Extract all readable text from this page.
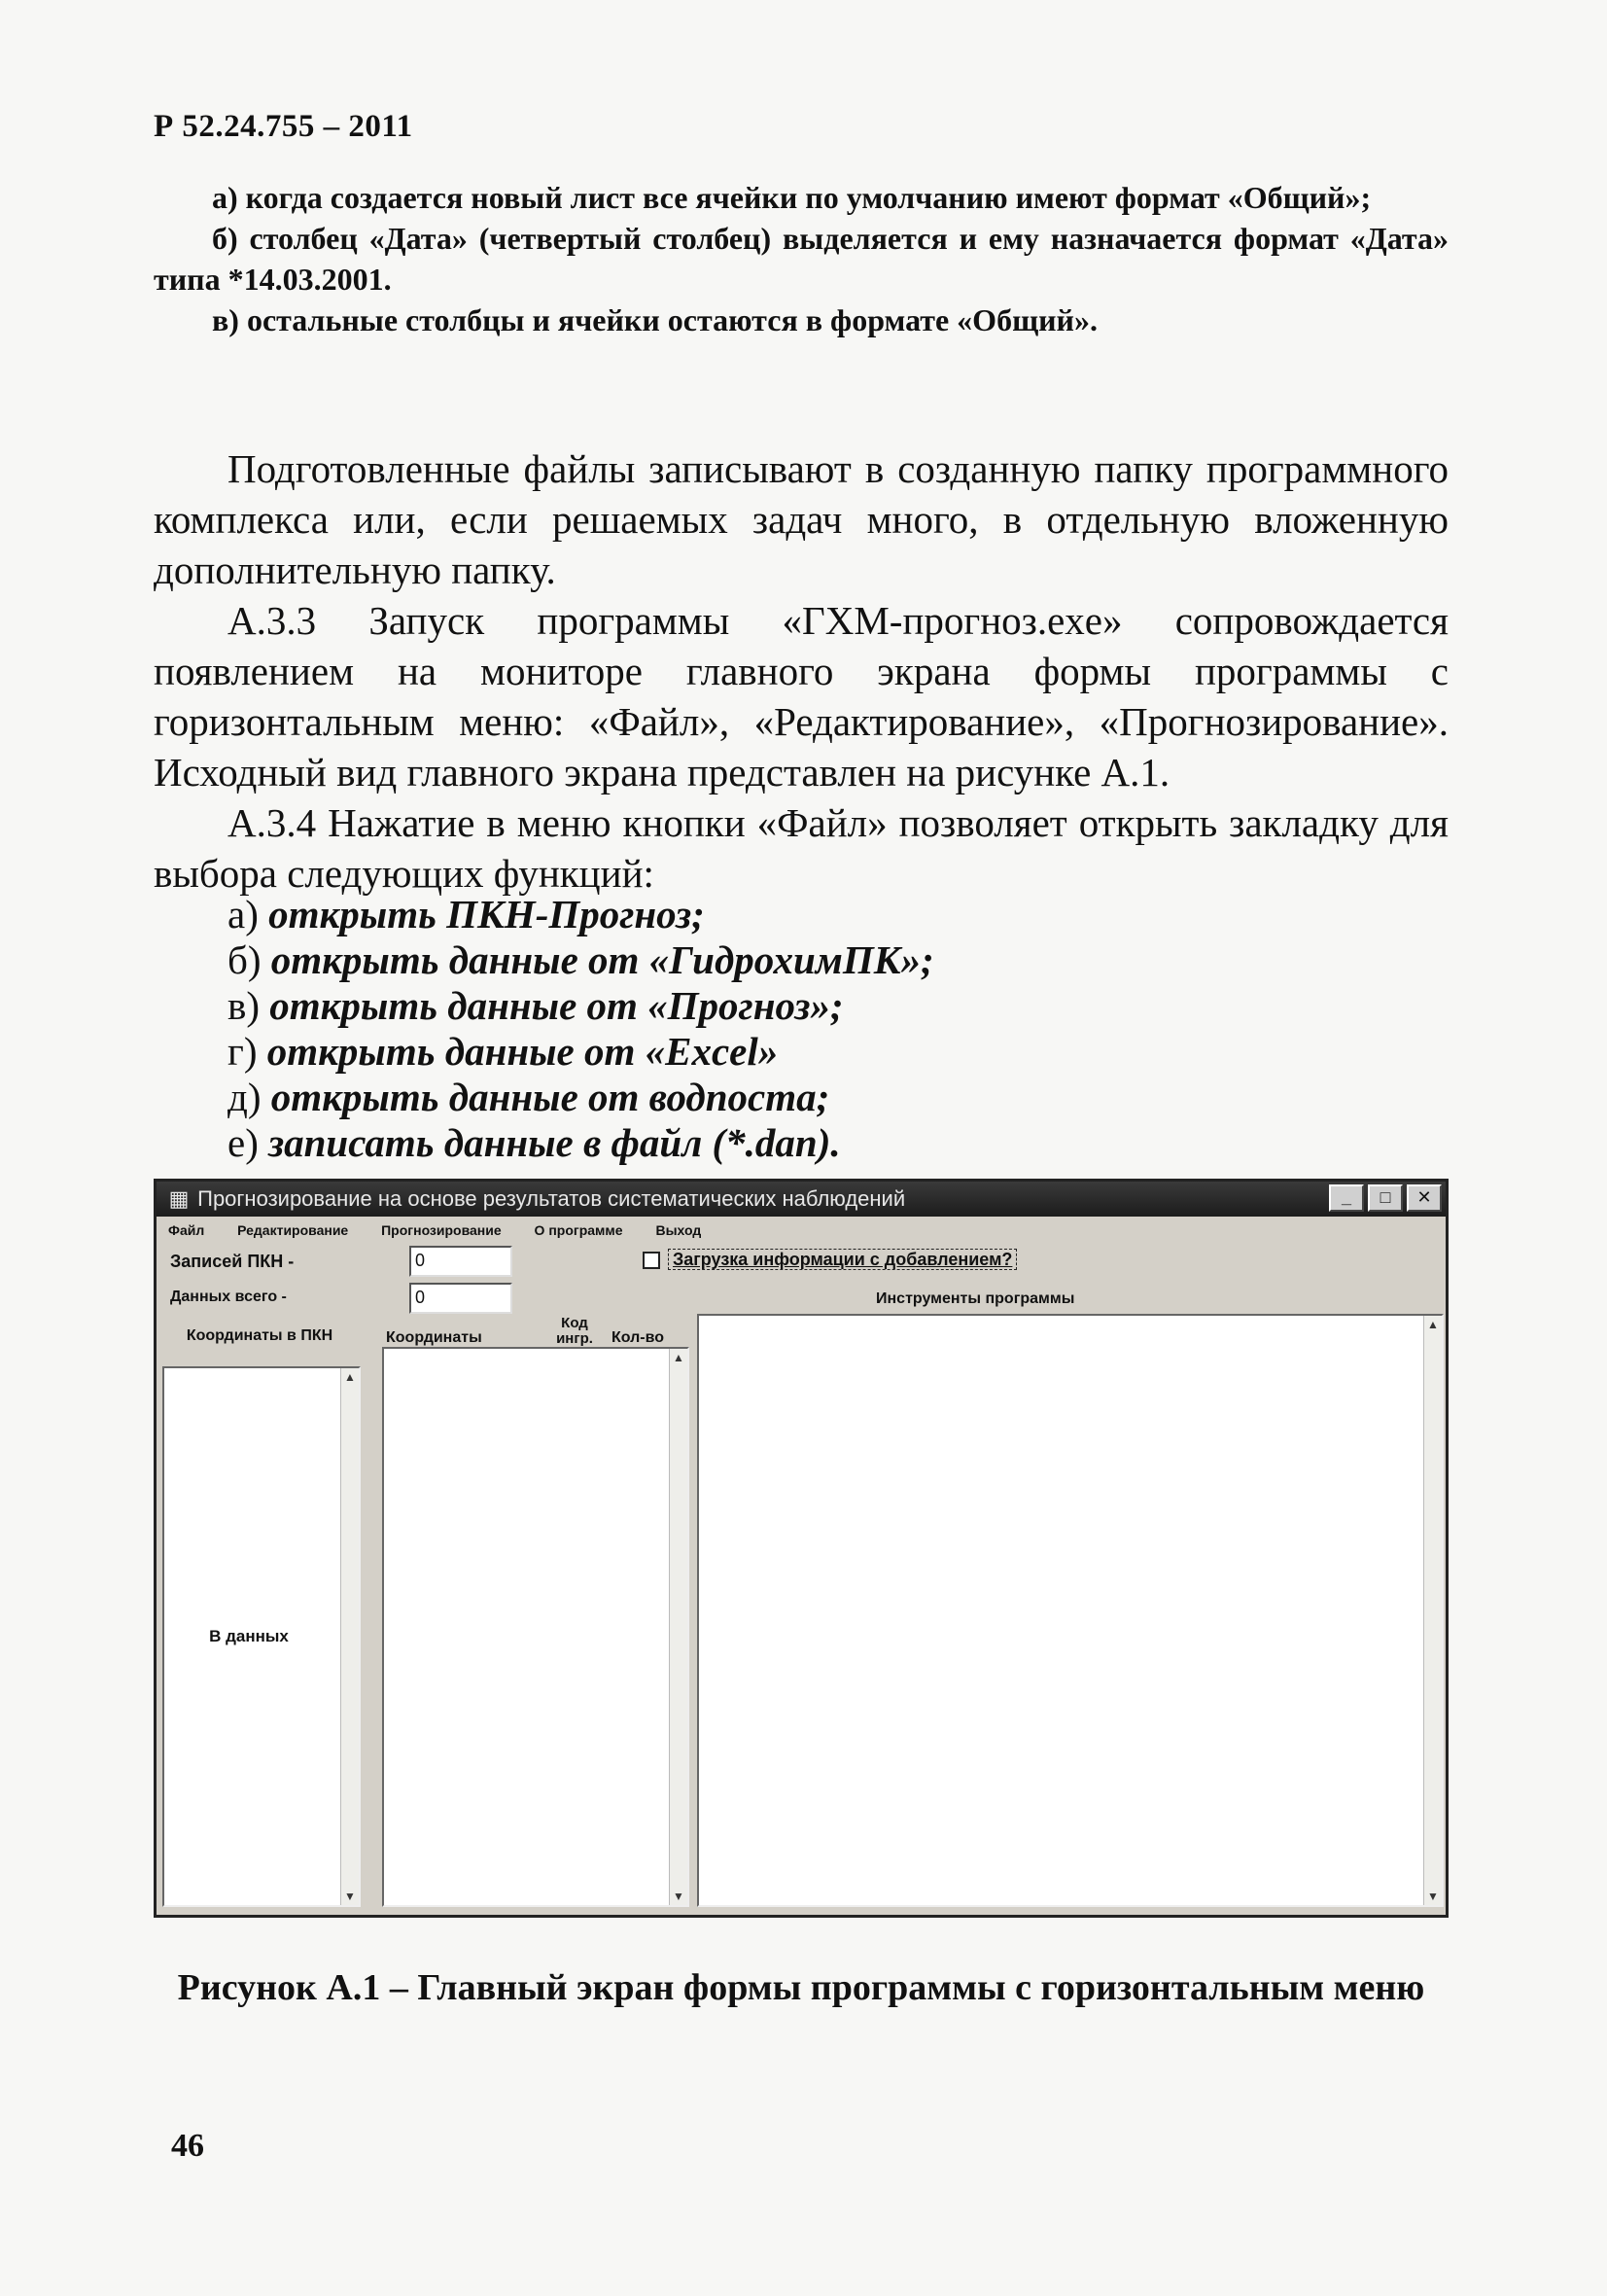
Р 52.24.755 – 2011

а) когда создается новый лист все ячейки по умолчанию имеют формат «Общий»;

б) столбец «Дата» (четвертый столбец) выделяется и ему назначается формат «Дата» типа *14.03.2001.

в) остальные столбцы и ячейки остаются в формате «Общий».

Подготовленные файлы записывают в созданную папку программного комплекса или, если решаемых задач много, в отдельную вложенную дополнительную папку.

А.3.3 Запуск программы «ГХМ-прогноз.exe» сопровождается появлением на мониторе главного экрана формы программы с горизонтальным меню: «Файл», «Редактирование», «Прогнозирование». Исходный вид главного экрана представлен на рисунке А.1.

А.3.4 Нажатие в меню кнопки «Файл» позволяет открыть закладку для выбора следующих функций:

а) открыть ПКН-Прогноз;

б) открыть данные от «ГидрохимПК»;

в) открыть данные от «Прогноз»;

г) открыть данные от «Excel»

д) открыть данные от водпоста;

е) записать данные в файл (*.dan).

▦ Прогнозирование на основе результатов систематических наблюдений	_	□	✕
Файл Редактирование Прогнозирование О программе Выход
Записей ПКН -	0	Загрузка информации с добавлением?
Данных всего -	0	Инструменты программы
Координаты в ПКН	Координаты
Код ингр.	Кол-во
▲
▼
В данных
▲
▼
▲
▼
Рисунок А.1 – Главный экран формы программы с горизонтальным меню
46
